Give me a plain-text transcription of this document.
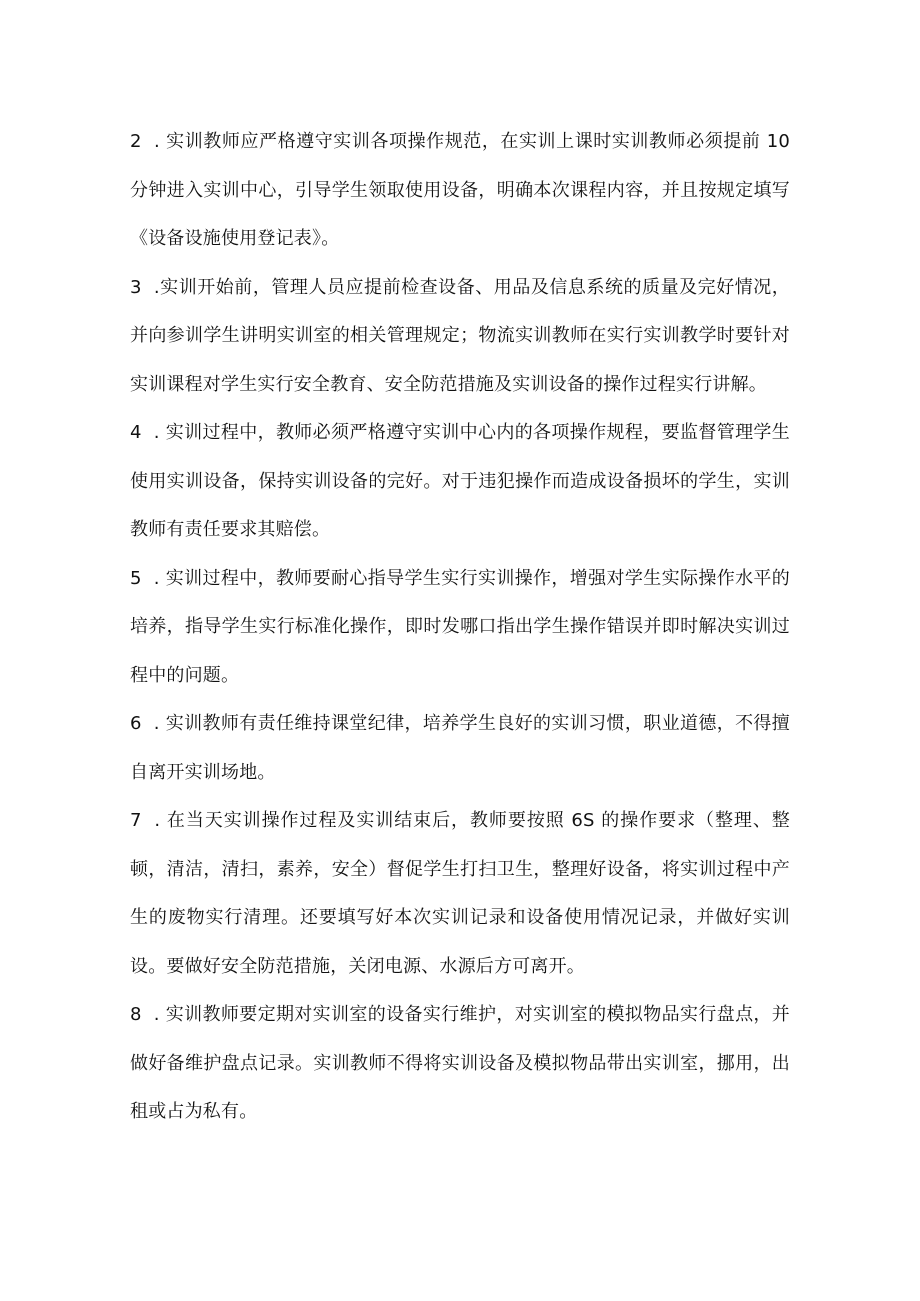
2 . 实训教师应严格遵守实训各项操作规范，在实训上课时实训教师必须提前 10 分钟进入实训中心，引导学生领取使用设备，明确本次课程内容，并且按规定填写《设备设施使用登记表》。

3 .实训开始前，管理人员应提前检查设备、用品及信息系统的质量及完好情况，并向参训学生讲明实训室的相关管理规定；物流实训教师在实行实训教学时要针对实训课程对学生实行安全教育、安全防范措施及实训设备的操作过程实行讲解。

4 . 实训过程中，教师必须严格遵守实训中心内的各项操作规程，要监督管理学生使用实训设备，保持实训设备的完好。对于违犯操作而造成设备损坏的学生，实训教师有责任要求其赔偿。

5 . 实训过程中，教师要耐心指导学生实行实训操作，增强对学生实际操作水平的培养，指导学生实行标准化操作，即时发哪口指出学生操作错误并即时解决实训过程中的问题。

6 . 实训教师有责任维持课堂纪律，培养学生良好的实训习惯，职业道德，不得擅自离开实训场地。

7 . 在当天实训操作过程及实训结束后，教师要按照 6S 的操作要求（整理、整顿，清洁，清扫，素养，安全）督促学生打扫卫生，整理好设备，将实训过程中产生的废物实行清理。还要填写好本次实训记录和设备使用情况记录，并做好实训设。要做好安全防范措施，关闭电源、水源后方可离开。

8 . 实训教师要定期对实训室的设备实行维护，对实训室的模拟物品实行盘点，并做好备维护盘点记录。实训教师不得将实训设备及模拟物品带出实训室，挪用，出租或占为私有。
